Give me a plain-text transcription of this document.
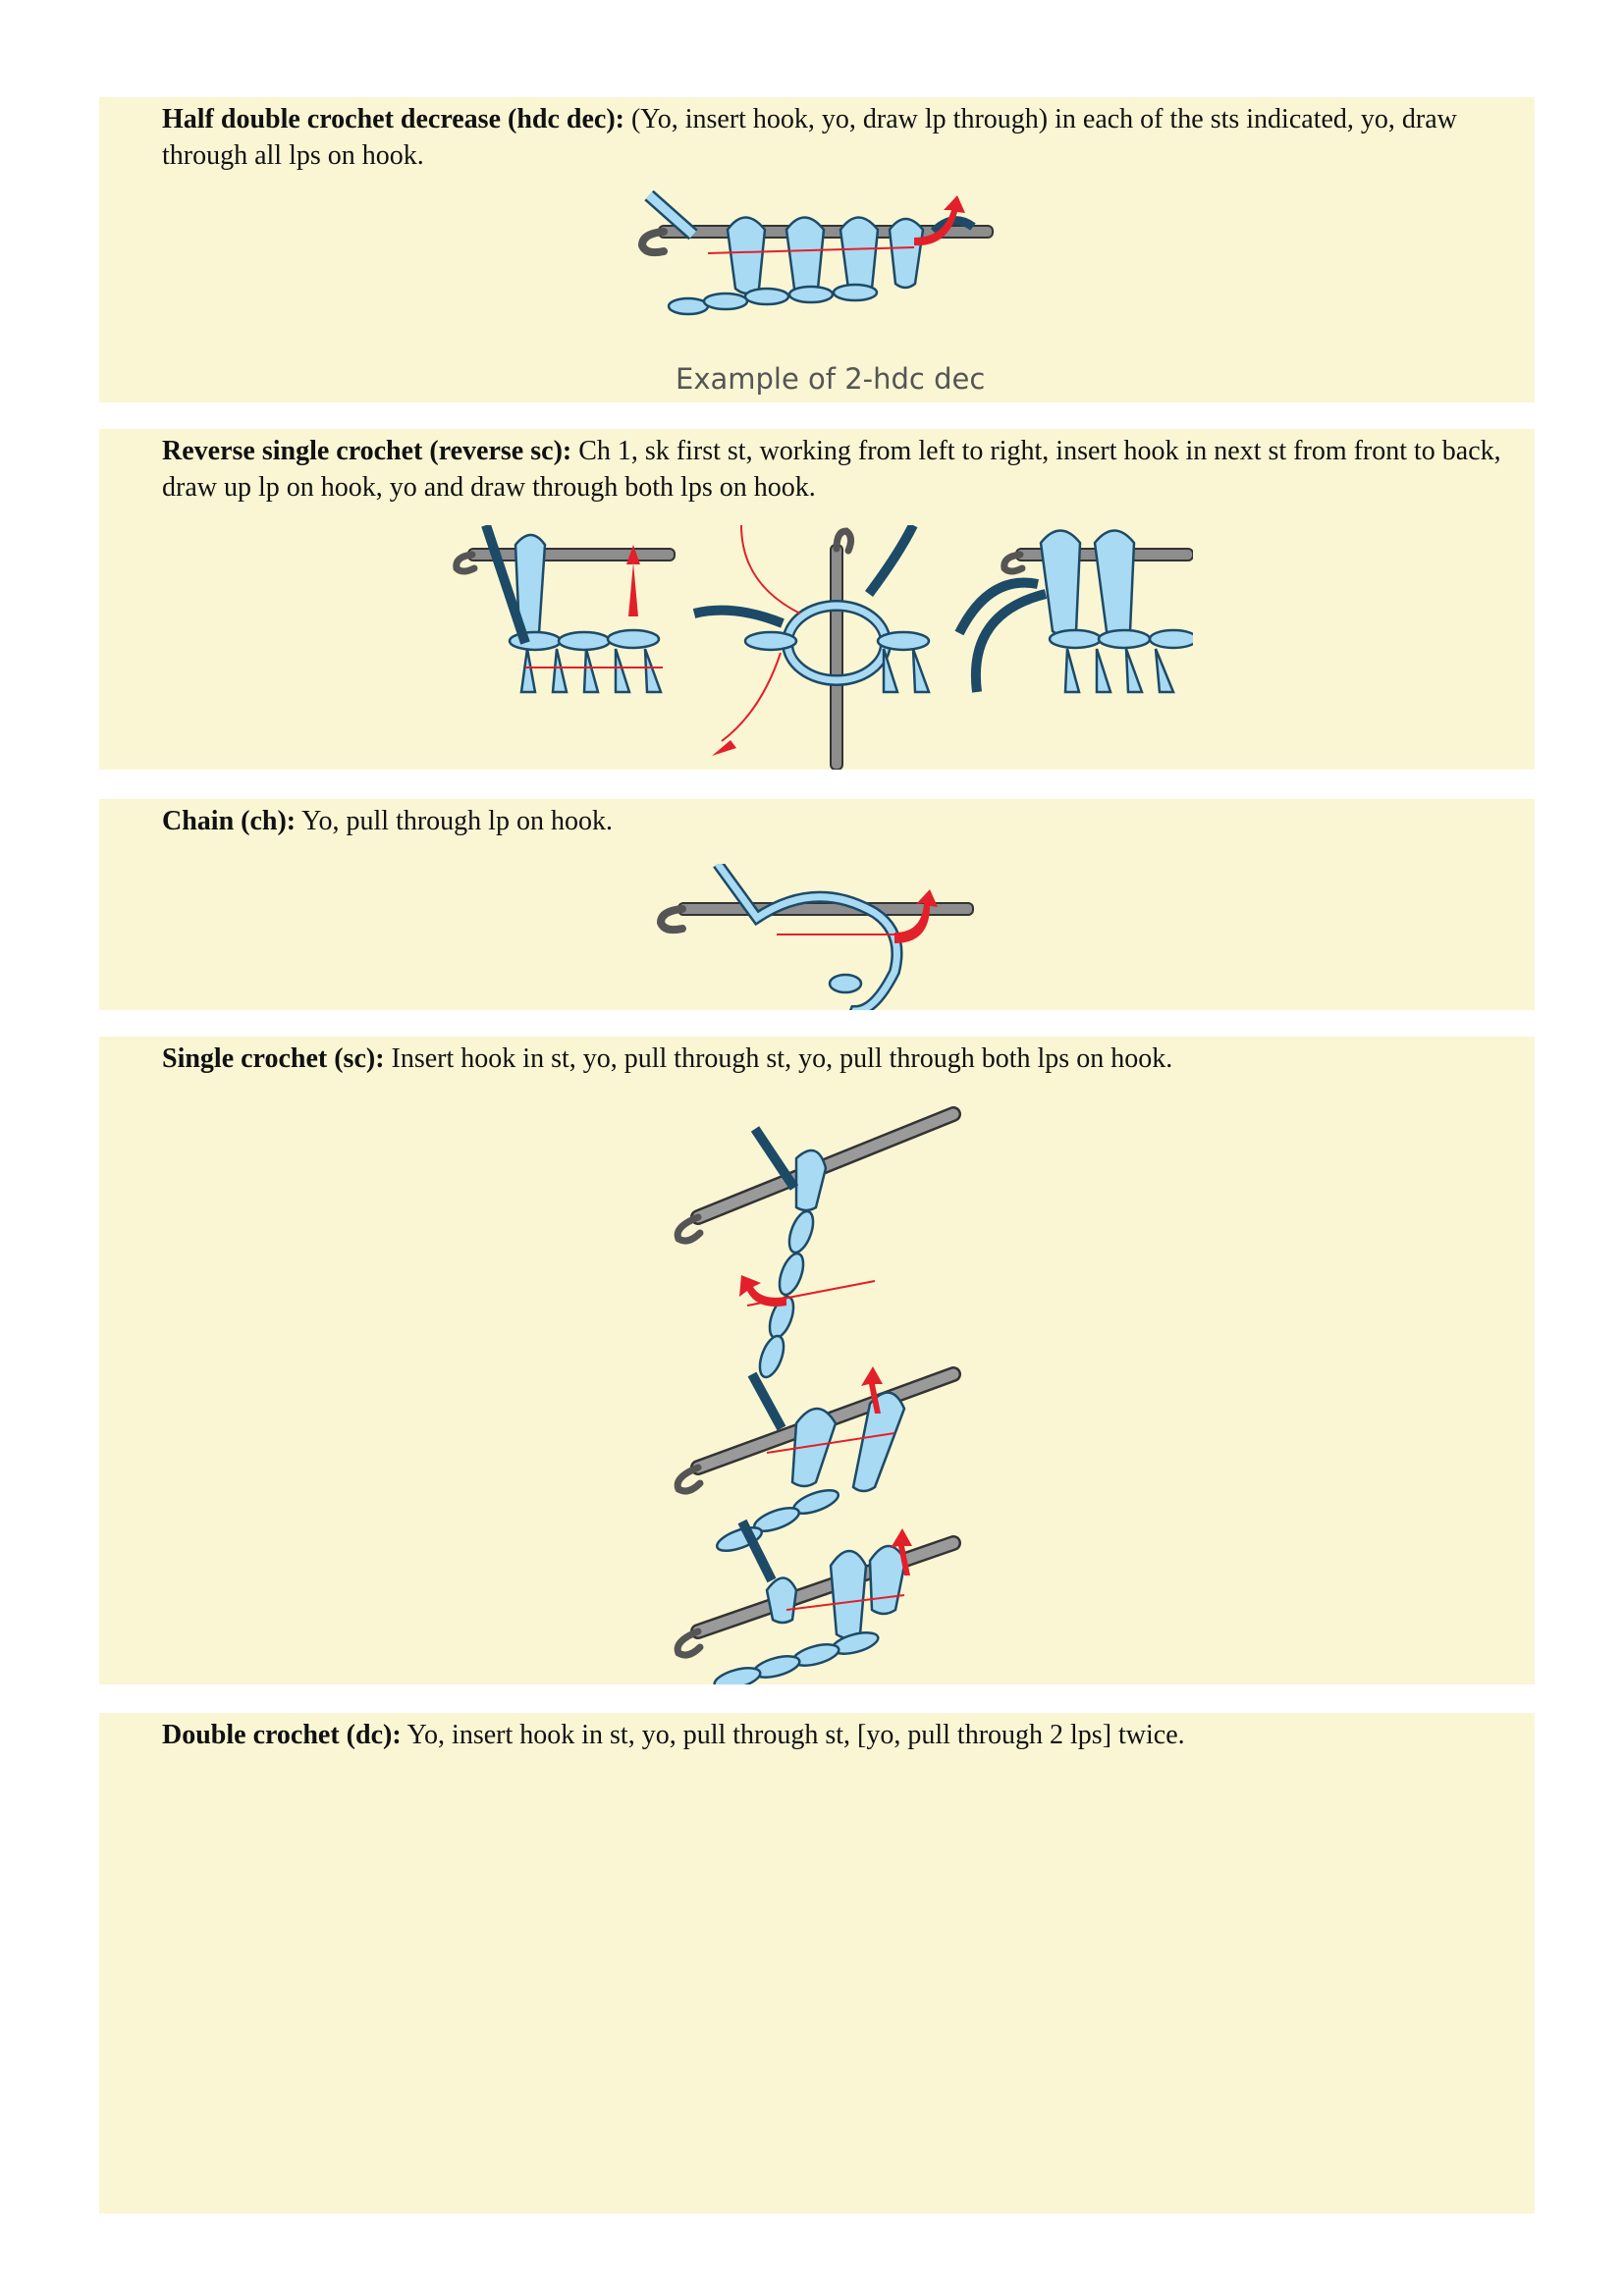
Half double crochet decrease (hdc dec): (Yo, insert hook, yo, draw lp through) in each of the sts indicated, yo, draw through all lps on hook.

Example of 2-hdc dec

Reverse single crochet (reverse sc): Ch 1, sk first st, working from left to right, insert hook in next st from front to back, draw up lp on hook, yo and draw through both lps on hook.

Chain (ch): Yo, pull through lp on hook.

Single crochet (sc): Insert hook in st, yo, pull through st, yo, pull through both lps on hook.

Double crochet (dc): Yo, insert hook in st, yo, pull through st, [yo, pull through 2 lps] twice.
